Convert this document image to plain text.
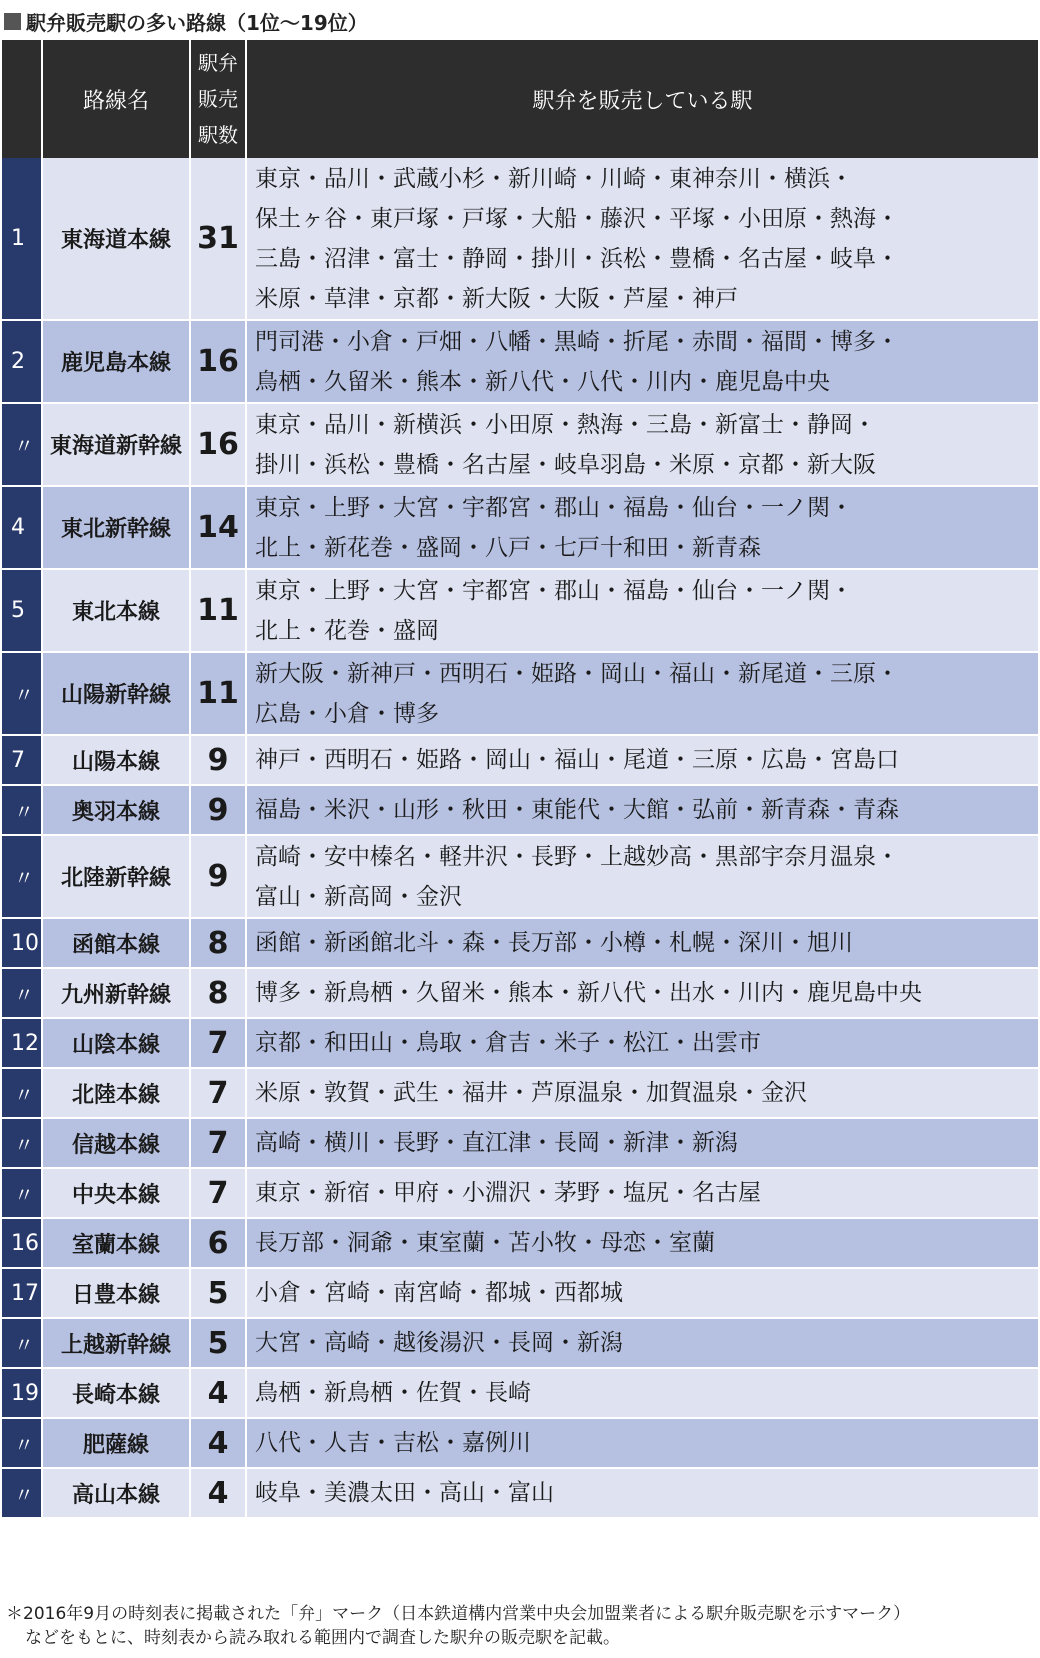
駅弁販売駅の多い路線（1位〜19位）
	路線名	駅弁
販売
駅数	駅弁を販売している駅
1	東海道本線	31	東京・品川・武蔵小杉・新川崎・川崎・東神奈川・横浜・
保土ヶ谷・東戸塚・戸塚・大船・藤沢・平塚・小田原・熱海・
三島・沼津・富士・静岡・掛川・浜松・豊橋・名古屋・岐阜・
米原・草津・京都・新大阪・大阪・芦屋・神戸

2	鹿児島本線	16	門司港・小倉・戸畑・八幡・黒崎・折尾・赤間・福間・博多・
鳥栖・久留米・熊本・新八代・八代・川内・鹿児島中央

〃	東海道新幹線	16	東京・品川・新横浜・小田原・熱海・三島・新富士・静岡・
掛川・浜松・豊橋・名古屋・岐阜羽島・米原・京都・新大阪

4	東北新幹線	14	東京・上野・大宮・宇都宮・郡山・福島・仙台・一ノ関・
北上・新花巻・盛岡・八戸・七戸十和田・新青森

5	東北本線	11	東京・上野・大宮・宇都宮・郡山・福島・仙台・一ノ関・
北上・花巻・盛岡

〃	山陽新幹線	11	新大阪・新神戸・西明石・姫路・岡山・福山・新尾道・三原・
広島・小倉・博多

7	山陽本線	9	神戸・西明石・姫路・岡山・福山・尾道・三原・広島・宮島口

〃	奥羽本線	9	福島・米沢・山形・秋田・東能代・大館・弘前・新青森・青森

〃	北陸新幹線	9	高崎・安中榛名・軽井沢・長野・上越妙高・黒部宇奈月温泉・
富山・新高岡・金沢

10	函館本線	8	函館・新函館北斗・森・長万部・小樽・札幌・深川・旭川

〃	九州新幹線	8	博多・新鳥栖・久留米・熊本・新八代・出水・川内・鹿児島中央

12	山陰本線	7	京都・和田山・鳥取・倉吉・米子・松江・出雲市

〃	北陸本線	7	米原・敦賀・武生・福井・芦原温泉・加賀温泉・金沢

〃	信越本線	7	高崎・横川・長野・直江津・長岡・新津・新潟

〃	中央本線	7	東京・新宿・甲府・小淵沢・茅野・塩尻・名古屋

16	室蘭本線	6	長万部・洞爺・東室蘭・苫小牧・母恋・室蘭

17	日豊本線	5	小倉・宮崎・南宮崎・都城・西都城

〃	上越新幹線	5	大宮・高崎・越後湯沢・長岡・新潟

19	長崎本線	4	鳥栖・新鳥栖・佐賀・長崎

〃	肥薩線	4	八代・人吉・吉松・嘉例川

〃	高山本線	4	岐阜・美濃太田・高山・富山
＊2016年9月の時刻表に掲載された「弁」マーク（日本鉄道構内営業中央会加盟業者による駅弁販売駅を示すマーク）
などをもとに、時刻表から読み取れる範囲内で調査した駅弁の販売駅を記載。
